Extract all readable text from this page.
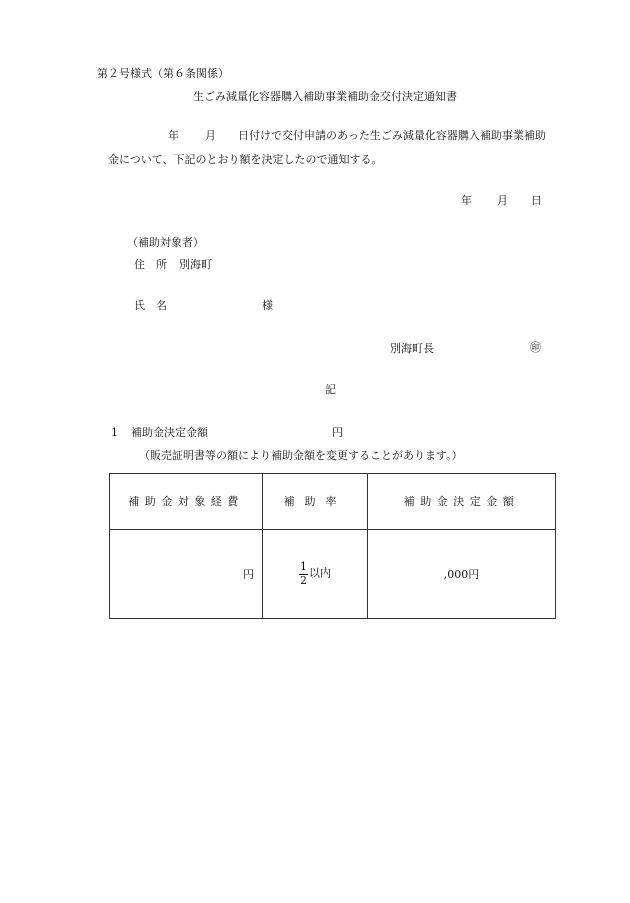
第２号様式（第６条関係）
生ごみ減量化容器購入補助事業補助金交付決定通知書
年 月 日付けで交付申請のあった生ごみ減量化容器購入補助事業補助
金について、下記のとおり額を決定したので通知する。
年 月 日
（補助対象者）
住　所 別海町
氏　名	様
別海町長	㊞
記
1 補助金決定金額	円
（販売証明書等の額により補助金額を変更することがあります。）
補助金対象経費	補助率	補助金決定金額
円	$\frac{1}{2}$ 以内	,000円
